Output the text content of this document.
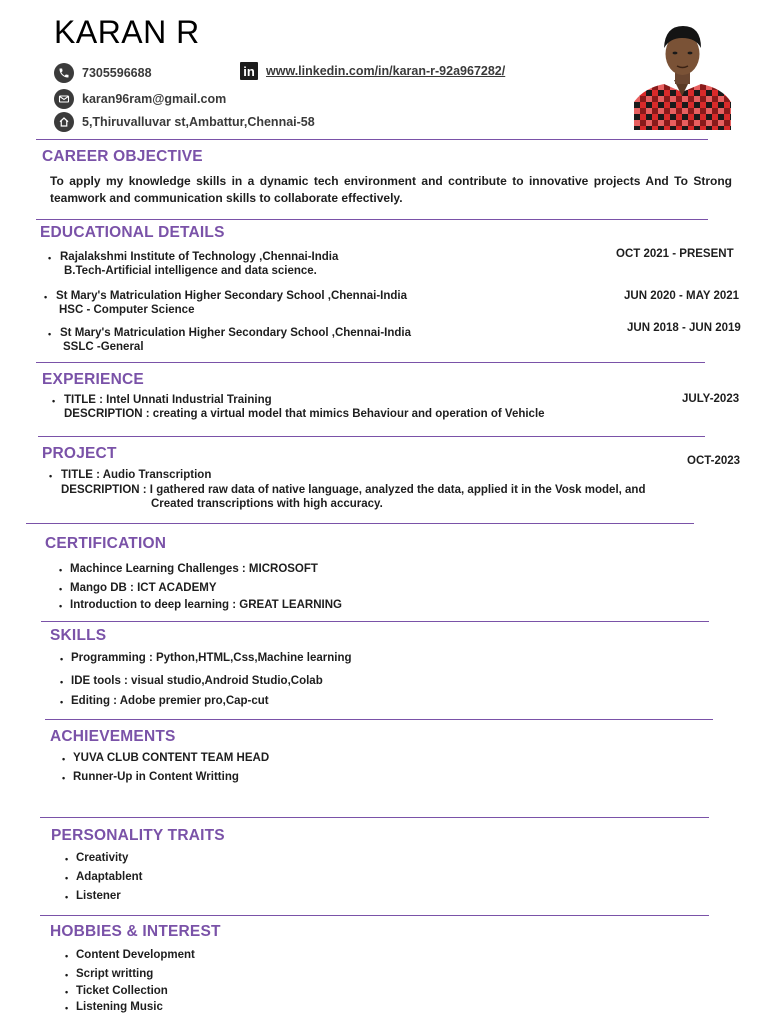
KARAN R
7305596688	in www.linkedin.com/in/karan-r-92a967282/
karan96ram@gmail.com
5,Thiruvalluvar st,Ambattur,Chennai-58
CAREER OBJECTIVE
To apply my knowledge skills in a dynamic tech environment and contribute to innovative projects And To Strong teamwork and communication skills to collaborate effectively.
EDUCATIONAL DETAILS
• Rajalakshmi Institute of Technology ,Chennai-India
B.Tech-Artificial intelligence and data science.
OCT 2021 - PRESENT
• St Mary's Matriculation Higher Secondary School ,Chennai-India
HSC - Computer Science
JUN 2020 - MAY 2021
• St Mary's Matriculation Higher Secondary School ,Chennai-India
SSLC -General
JUN 2018 - JUN 2019
EXPERIENCE
• TITLE : Intel Unnati Industrial Training
DESCRIPTION : creating a virtual model that mimics Behaviour and operation of Vehicle
JULY-2023
PROJECT
• TITLE : Audio Transcription
DESCRIPTION : I gathered raw data of native language, analyzed the data, applied it in the Vosk model, and
Created transcriptions with high accuracy.
OCT-2023
CERTIFICATION
• Machince Learning Challenges : MICROSOFT
• Mango DB : ICT ACADEMY
• Introduction to deep learning : GREAT LEARNING
SKILLS
• Programming : Python,HTML,Css,Machine learning
• IDE tools : visual studio,Android Studio,Colab
• Editing : Adobe premier pro,Cap-cut
ACHIEVEMENTS
• YUVA CLUB CONTENT TEAM HEAD
• Runner-Up in Content Writting
PERSONALITY TRAITS
• Creativity
• Adaptablent
• Listener
HOBBIES & INTEREST
• Content Development
• Script writting
• Ticket Collection
• Listening Music
